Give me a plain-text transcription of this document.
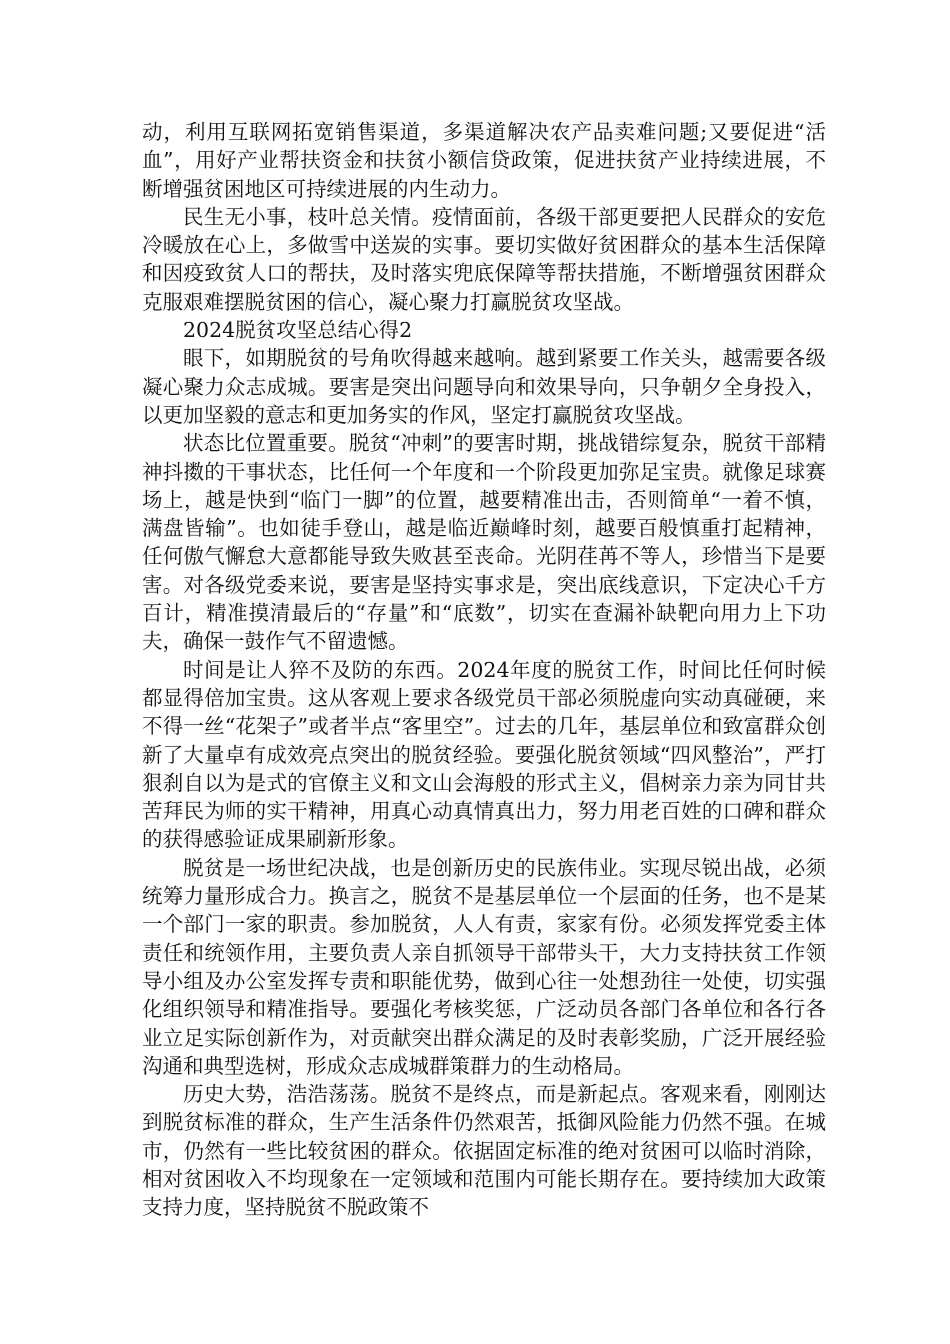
动，利用互联网拓宽销售渠道，多渠道解决农产品卖难问题;又要促进“活血”，用好产业帮扶资金和扶贫小额信贷政策，促进扶贫产业持续进展，不断增强贫困地区可持续进展的内生动力。

民生无小事，枝叶总关情。疫情面前，各级干部更要把人民群众的安危冷暖放在心上，多做雪中送炭的实事。要切实做好贫困群众的基本生活保障和因疫致贫人口的帮扶，及时落实兜底保障等帮扶措施，不断增强贫困群众克服艰难摆脱贫困的信心，凝心聚力打赢脱贫攻坚战。

2024脱贫攻坚总结心得2

眼下，如期脱贫的号角吹得越来越响。越到紧要工作关头，越需要各级凝心聚力众志成城。要害是突出问题导向和效果导向，只争朝夕全身投入，以更加坚毅的意志和更加务实的作风，坚定打赢脱贫攻坚战。

状态比位置重要。脱贫“冲刺”的要害时期，挑战错综复杂，脱贫干部精神抖擞的干事状态，比任何一个年度和一个阶段更加弥足宝贵。就像足球赛场上，越是快到“临门一脚”的位置，越要精准出击，否则简单“一着不慎，满盘皆输”。也如徒手登山，越是临近巅峰时刻，越要百般慎重打起精神，任何傲气懈怠大意都能导致失败甚至丧命。光阴荏苒不等人，珍惜当下是要害。对各级党委来说，要害是坚持实事求是，突出底线意识，下定决心千方百计，精准摸清最后的“存量”和“底数”，切实在查漏补缺靶向用力上下功夫，确保一鼓作气不留遗憾。

时间是让人猝不及防的东西。2024年度的脱贫工作，时间比任何时候都显得倍加宝贵。这从客观上要求各级党员干部必须脱虚向实动真碰硬，来不得一丝“花架子”或者半点“客里空”。过去的几年，基层单位和致富群众创新了大量卓有成效亮点突出的脱贫经验。要强化脱贫领域“四风整治”，严打狠刹自以为是式的官僚主义和文山会海般的形式主义，倡树亲力亲为同甘共苦拜民为师的实干精神，用真心动真情真出力，努力用老百姓的口碑和群众的获得感验证成果刷新形象。

脱贫是一场世纪决战，也是创新历史的民族伟业。实现尽锐出战，必须统筹力量形成合力。换言之，脱贫不是基层单位一个层面的任务，也不是某一个部门一家的职责。参加脱贫，人人有责，家家有份。必须发挥党委主体责任和统领作用，主要负责人亲自抓领导干部带头干，大力支持扶贫工作领导小组及办公室发挥专责和职能优势，做到心往一处想劲往一处使，切实强化组织领导和精准指导。要强化考核奖惩，广泛动员各部门各单位和各行各业立足实际创新作为，对贡献突出群众满足的及时表彰奖励，广泛开展经验沟通和典型选树，形成众志成城群策群力的生动格局。

历史大势，浩浩荡荡。脱贫不是终点，而是新起点。客观来看，刚刚达到脱贫标准的群众，生产生活条件仍然艰苦，抵御风险能力仍然不强。在城市，仍然有一些比较贫困的群众。依据固定标准的绝对贫困可以临时消除，相对贫困收入不均现象在一定领域和范围内可能长期存在。要持续加大政策支持力度，坚持脱贫不脱政策不
